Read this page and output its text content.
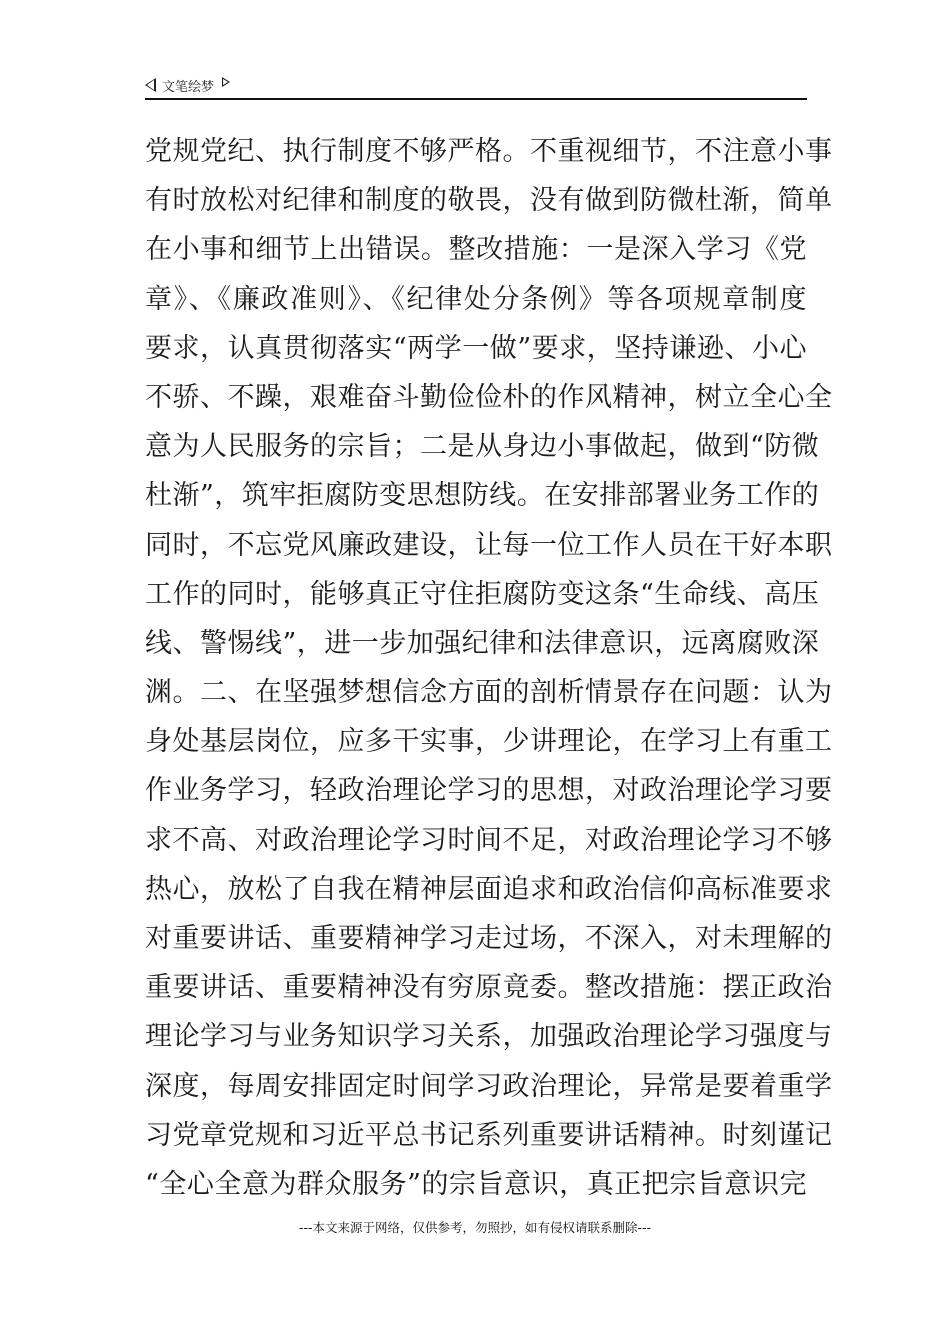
文笔绘梦
党规党纪、执行制度不够严格。不重视细节，不注意小事
有时放松对纪律和制度的敬畏，没有做到防微杜渐，简单
在小事和细节上出错误。整改措施：一是深入学习《党
章》、《廉政准则》、《纪律处分条例》等各项规章制度
要求，认真贯彻落实“两学一做”要求，坚持谦逊、小心
不骄、不躁，艰难奋斗勤俭俭朴的作风精神，树立全心全
意为人民服务的宗旨；二是从身边小事做起，做到“防微
杜渐”，筑牢拒腐防变思想防线。在安排部署业务工作的
同时，不忘党风廉政建设，让每一位工作人员在干好本职
工作的同时，能够真正守住拒腐防变这条“生命线、高压
线、警惕线”，进一步加强纪律和法律意识，远离腐败深
渊。二、在坚强梦想信念方面的剖析情景存在问题：认为
身处基层岗位，应多干实事，少讲理论，在学习上有重工
作业务学习，轻政治理论学习的思想，对政治理论学习要
求不高、对政治理论学习时间不足，对政治理论学习不够
热心，放松了自我在精神层面追求和政治信仰高标准要求
对重要讲话、重要精神学习走过场，不深入，对未理解的
重要讲话、重要精神没有穷原竟委。整改措施：摆正政治
理论学习与业务知识学习关系，加强政治理论学习强度与
深度，每周安排固定时间学习政治理论，异常是要着重学
习党章党规和习近平总书记系列重要讲话精神。时刻谨记
“全心全意为群众服务”的宗旨意识，真正把宗旨意识完
---本文来源于网络，仅供参考，勿照抄，如有侵权请联系删除---
